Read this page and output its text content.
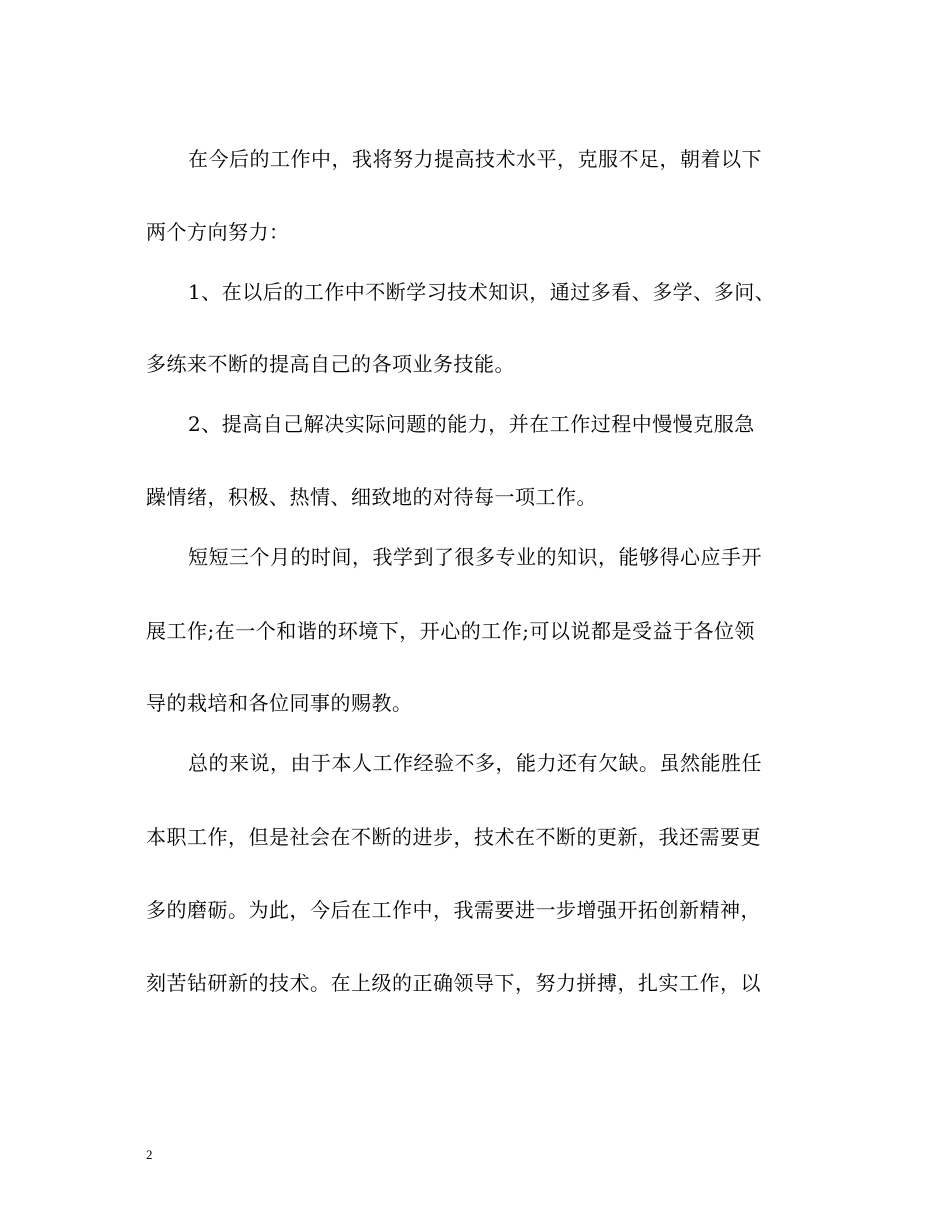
在今后的工作中，我将努力提高技术水平，克服不足，朝着以下
两个方向努力：
1、在以后的工作中不断学习技术知识，通过多看、多学、多问、
多练来不断的提高自己的各项业务技能。
2、提高自己解决实际问题的能力，并在工作过程中慢慢克服急
躁情绪，积极、热情、细致地的对待每一项工作。
短短三个月的时间，我学到了很多专业的知识，能够得心应手开
展工作;在一个和谐的环境下，开心的工作;可以说都是受益于各位领
导的栽培和各位同事的赐教。
总的来说，由于本人工作经验不多，能力还有欠缺。虽然能胜任
本职工作，但是社会在不断的进步，技术在不断的更新，我还需要更
多的磨砺。为此，今后在工作中，我需要进一步增强开拓创新精神，
刻苦钻研新的技术。在上级的正确领导下，努力拼搏，扎实工作，以
2
